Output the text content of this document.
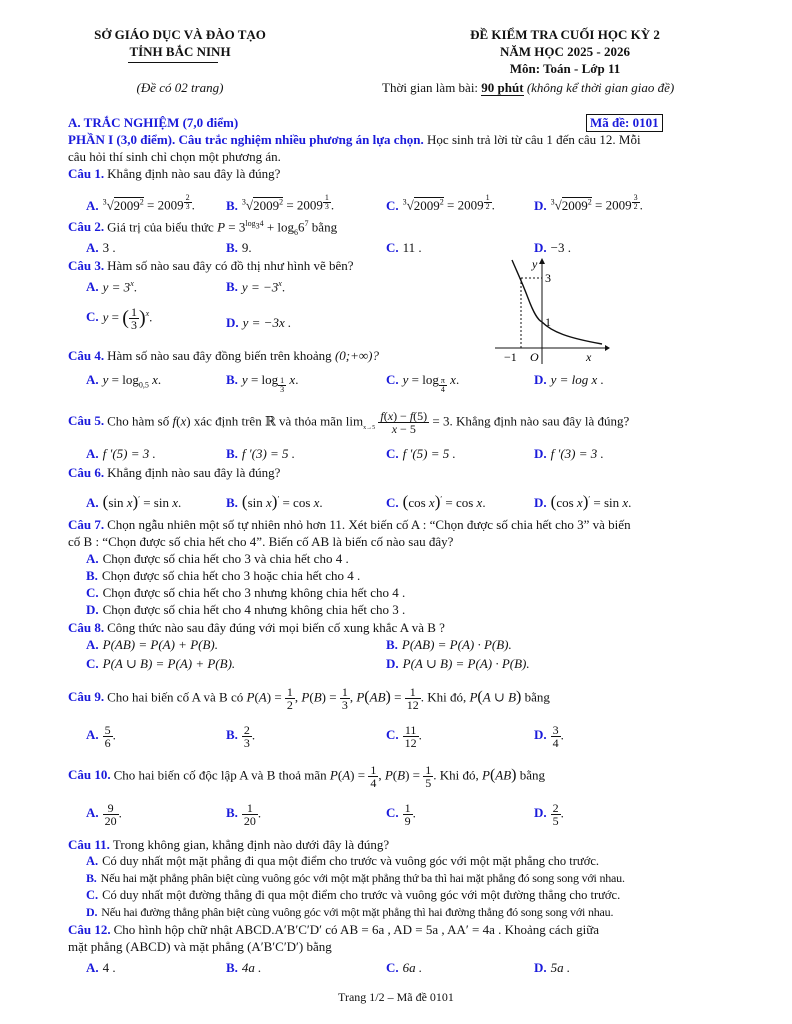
SỞ GIÁO DỤC VÀ ĐÀO TẠO
TỈNH BẮC NINH
(Đề có 02 trang)
ĐỀ KIỂM TRA CUỐI HỌC KỲ 2
NĂM HỌC 2025 - 2026
Môn: Toán - Lớp 11
Thời gian làm bài: 90 phút (không kể thời gian giao đề)
A. TRẮC NGHIỆM (7,0 điểm)	Mã đề: 0101
PHẦN I (3,0 điểm). Câu trắc nghiệm nhiều phương án lựa chọn. Học sinh trả lời từ câu 1 đến câu 12. Mỗi
câu hỏi thí sinh chỉ chọn một phương án.
Câu 1. Khẳng định nào sau đây là đúng?
A. $^3√2009^2 = 2009$ $^{\frac{2}{3}}$ . B. $^3√2009^2 = 2009$ $^{\frac{1}{3}}$ .	C. $^3√2009^2 = 2009$ $^{\frac{1}{2}}$ .	D. $^3√2009^2 = 2009$ $^{\frac{3}{2}}$ .
Câu 2. Giá trị của biểu thức $P = 3^{log_34} + \log_66^7$ bằng
A. 3 .	B. 9.	C. 11 .	D. −3 .
Câu 3. Hàm số nào sau đây có đồ thị như hình vẽ bên?
A. $y = 3^x$.	B. $y = -3^x$.
C. y = ( $\frac{1}{3} )^x$.	D. y = −3x .
3
1
−1 O	x
y
Câu 4. Hàm số nào sau đây đồng biến trên khoảng (0;+∞)?
A. $y = \log_{0,5} x$.	B. y = log $_{\frac{1}{3}}$ x.	C. y = log $_{\frac{\pi}{4}}$ x.	D. y = log x .
Câu 5. Cho hàm số f(x) xác định trên ℝ và thỏa mãn $\lim_{x\to 5} \frac{f(x) - f(5)}{x - 5} = 3$. Khẳng định nào sau đây là đúng?
A. f ′(5) = 3 .	B. f ′(3) = 5 .	C. f ′(5) = 5 .	D. f ′(3) = 3 .
Câu 6. Khẳng định nào sau đây là đúng?
A. (sin x)′ = sin x.	B. (sin x)′ = cos x.	C. (cos x)′ = cos x.	D. (cos x)′ = sin x.
Câu 7. Chọn ngẫu nhiên một số tự nhiên nhỏ hơn 11. Xét biến cố A : “Chọn được số chia hết cho 3” và biến
cố B : “Chọn được số chia hết cho 4”. Biến cố AB là biến cố nào sau đây?
A. Chọn được số chia hết cho 3 và chia hết cho 4 .
B. Chọn được số chia hết cho 3 hoặc chia hết cho 4 .
C. Chọn được số chia hết cho 3 nhưng không chia hết cho 4 .
D. Chọn được số chia hết cho 4 nhưng không chia hết cho 3 .
Câu 8. Công thức nào sau đây đúng với mọi biến cố xung khắc A và B ?
A. P(AB) = P(A) + P(B).	B. P(AB) = P(A) · P(B).
C. P(A ∪ B) = P(A) + P(B).	D. P(A ∪ B) = P(A) · P(B).
Câu 9. Cho hai biến cố A và B có $P(A) = \frac{1}{2}$ , $P(B) = \frac{1}{3}$ , $P(AB) = \frac{1}{12}$ . Khi đó, P(A ∪ B) bằng
A. $\frac{5}{6}$ .	B. $\frac{2}{3}$ .	C. $\frac{11}{12}$ .	D. $\frac{3}{4}$ .
Câu 10. Cho hai biến cố độc lập A và B thoả mãn $P(A) = \frac{1}{4}$ , $P(B) = \frac{1}{5}$ . Khi đó, P(AB) bằng
A. $\frac{9}{20}$ .	B. $\frac{1}{20}$ .	C. $\frac{1}{9}$ .	D. $\frac{2}{5}$ .
Câu 11. Trong không gian, khẳng định nào dưới đây là đúng?
A. Có duy nhất một mặt phẳng đi qua một điểm cho trước và vuông góc với một mặt phẳng cho trước.
B. Nếu hai mặt phẳng phân biệt cùng vuông góc với một mặt phẳng thứ ba thì hai mặt phẳng đó song song với nhau.
C. Có duy nhất một đường thẳng đi qua một điểm cho trước và vuông góc với một đường thẳng cho trước.
D. Nếu hai đường thẳng phân biệt cùng vuông góc với một mặt phẳng thì hai đường thẳng đó song song với nhau.
Câu 12. Cho hình hộp chữ nhật ABCD.A′B′C′D′ có AB = 6a , AD = 5a , AA′ = 4a . Khoảng cách giữa
mặt phẳng (ABCD) và mặt phẳng (A′B′C′D′) bằng
A. 4 .	B. 4a .	C. 6a .	D. 5a .
Trang 1/2 – Mã đề 0101
